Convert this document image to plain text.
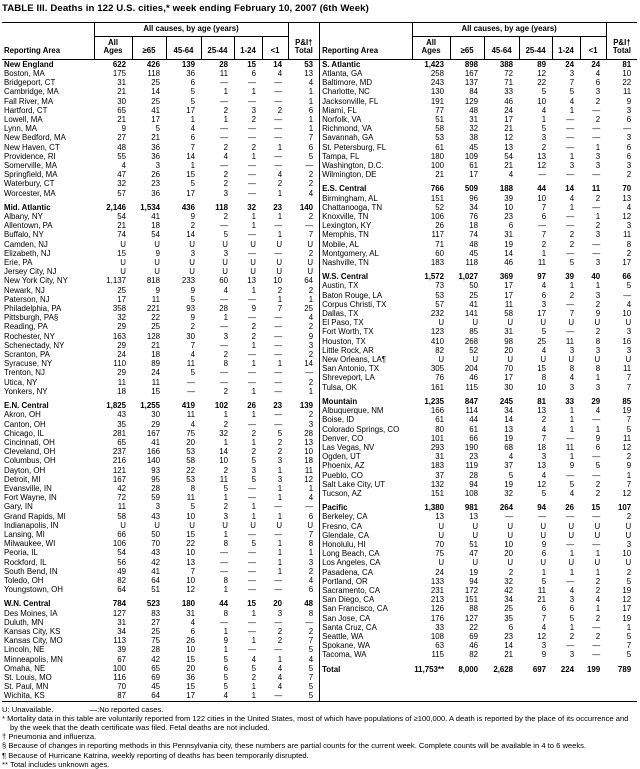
TABLE III. Deaths in 122 U.S. cities,* week ending February 10, 2007 (6th Week)
Reporting Area	All causes, by age (years)						P&I†
Total
	All
Ages	≥65	45-64	25-44	1-24	<1	
New England	622	426	139	28	15	14	53
Boston, MA	175	118	36	11	6	4	13
Bridgeport, CT	31	25	6	—	—	—	4
Cambridge, MA	21	14	5	1	1	—	1
Fall River, MA	30	25	5	—	—	—	1
Hartford, CT	65	41	17	2	3	2	6
Lowell, MA	21	17	1	1	2	—	1
Lynn, MA	9	5	4	—	—	—	1
New Bedford, MA	27	21	6	—	—	—	7
New Haven, CT	48	36	7	2	2	1	6
Providence, RI	55	36	14	4	1	—	5
Somerville, MA	4	3	1	—	—	—	—
Springfield, MA	47	26	15	2	—	4	2
Waterbury, CT	32	23	5	2	—	2	2
Worcester, MA	57	36	17	3	—	1	4

Mid. Atlantic	2,146	1,534	436	118	32	23	140
Albany, NY	54	41	9	2	1	1	2
Allentown, PA	21	18	2	—	1	—	—
Buffalo, NY	74	54	14	5	—	1	7
Camden, NJ	U	U	U	U	U	U	U
Elizabeth, NJ	15	9	3	3	—	—	2
Erie, PA	U	U	U	U	U	U	U
Jersey City, NJ	U	U	U	U	U	U	U
New York City, NY	1,137	818	233	60	13	10	64
Newark, NJ	25	9	9	4	1	2	2
Paterson, NJ	17	11	5	—	—	1	1
Philadelphia, PA	358	221	93	28	9	7	25
Pittsburgh, PA§	32	22	9	1	—	—	4
Reading, PA	29	25	2	—	2	—	2
Rochester, NY	163	128	30	3	2	—	9
Schenectady, NY	29	21	7	—	1	—	3
Scranton, PA	24	18	4	2	—	—	2
Syracuse, NY	110	89	11	8	1	1	14
Trenton, NJ	29	24	5	—	—	—	—
Utica, NY	11	11	—	—	—	—	2
Yonkers, NY	18	15	—	2	1	—	1

E.N. Central	1,825	1,255	419	102	26	23	139
Akron, OH	43	30	11	1	1	—	2
Canton, OH	35	29	4	2	—	—	3
Chicago, IL	281	167	75	32	2	5	28
Cincinnati, OH	65	41	20	1	1	2	13
Cleveland, OH	237	166	53	14	2	2	10
Columbus, OH	216	140	58	10	5	3	18
Dayton, OH	121	93	22	2	3	1	11
Detroit, MI	167	95	53	11	5	3	12
Evansville, IN	42	28	8	5	—	1	1
Fort Wayne, IN	72	59	11	1	—	1	4
Gary, IN	11	3	5	2	1	—	—
Grand Rapids, MI	58	43	10	3	1	1	6
Indianapolis, IN	U	U	U	U	U	U	U
Lansing, MI	66	50	15	1	—	—	7
Milwaukee, WI	106	70	22	8	5	1	8
Peoria, IL	54	43	10	—	—	1	1
Rockford, IL	56	42	13	—	—	1	3
South Bend, IN	49	41	7	—	—	1	2
Toledo, OH	82	64	10	8	—	—	4
Youngstown, OH	64	51	12	1	—	—	6

W.N. Central	784	523	180	44	15	20	48
Des Moines, IA	127	83	31	8	1	3	8
Duluth, MN	31	27	4	—	—	—	—
Kansas City, KS	34	25	6	1	—	2	2
Kansas City, MO	113	75	26	9	1	2	7
Lincoln, NE	39	28	10	1	—	—	5
Minneapolis, MN	67	42	15	5	4	1	4
Omaha, NE	100	65	20	6	5	4	5
St. Louis, MO	116	69	36	5	2	4	7
St. Paul, MN	70	45	15	5	1	4	5
Wichita, KS	87	64	17	4	1	—	5
Reporting Area	All causes, by age (years)						P&I†
Total
	All
Ages	≥65	45-64	25-44	1-24	<1	
S. Atlantic	1,423	898	388	89	24	24	81
Atlanta, GA	258	167	72	12	3	4	10
Baltimore, MD	243	137	71	22	7	6	22
Charlotte, NC	130	84	33	5	5	3	11
Jacksonville, FL	191	129	46	10	4	2	9
Miami, FL	77	48	24	4	1	—	3
Norfolk, VA	51	31	17	1	—	2	6
Richmond, VA	58	32	21	5	—	—	—
Savannah, GA	53	38	12	3	—	—	3
St. Petersburg, FL	61	45	13	2	—	1	6
Tampa, FL	180	109	54	13	1	3	6
Washington, D.C.	100	61	21	12	3	3	3
Wilmington, DE	21	17	4	—	—	—	2

E.S. Central	766	509	188	44	14	11	70
Birmingham, AL	151	96	39	10	4	2	13
Chattanooga, TN	52	34	10	7	1	—	4
Knoxville, TN	106	76	23	6	—	1	12
Lexington, KY	26	18	6	—	—	2	3
Memphis, TN	117	74	31	7	2	3	11
Mobile, AL	71	48	19	2	2	—	8
Montgomery, AL	60	45	14	1	—	—	2
Nashville, TN	183	118	46	11	5	3	17

W.S. Central	1,572	1,027	369	97	39	40	66
Austin, TX	73	50	17	4	1	1	5
Baton Rouge, LA	53	25	17	6	2	3	—
Corpus Christi, TX	57	41	11	3	—	2	4
Dallas, TX	232	141	58	17	7	9	10
El Paso, TX	U	U	U	U	U	U	U
Fort Worth, TX	123	85	31	5	—	2	3
Houston, TX	410	268	98	25	11	8	16
Little Rock, AR	82	52	20	4	3	3	3
New Orleans, LA¶	U	U	U	U	U	U	U
San Antonio, TX	305	204	70	15	8	8	11
Shreveport, LA	76	46	17	8	4	1	7
Tulsa, OK	161	115	30	10	3	3	7

Mountain	1,235	847	245	81	33	29	85
Albuquerque, NM	166	114	34	13	1	4	19
Boise, ID	61	44	14	2	1	—	7
Colorado Springs, CO	80	61	13	4	1	1	5
Denver, CO	101	66	19	7	—	9	11
Las Vegas, NV	293	190	68	18	11	6	12
Ogden, UT	31	23	4	3	1	—	2
Phoenix, AZ	183	119	37	13	9	5	9
Pueblo, CO	37	28	5	4	—	—	1
Salt Lake City, UT	132	94	19	12	5	2	7
Tucson, AZ	151	108	32	5	4	2	12

Pacific	1,380	981	264	94	26	15	107
Berkeley, CA	13	13	—	—	—	—	2
Fresno, CA	U	U	U	U	U	U	U
Glendale, CA	U	U	U	U	U	U	U
Honolulu, HI	70	51	10	9	—	—	3
Long Beach, CA	75	47	20	6	1	1	10
Los Angeles, CA	U	U	U	U	U	U	U
Pasadena, CA	24	19	2	1	1	1	2
Portland, OR	133	94	32	5	—	2	5
Sacramento, CA	231	172	42	11	4	2	19
San Diego, CA	213	151	34	21	3	4	12
San Francisco, CA	126	88	25	6	6	1	17
San Jose, CA	176	127	35	7	5	2	19
Santa Cruz, CA	33	22	6	4	1	—	1
Seattle, WA	108	69	23	12	2	2	5
Spokane, WA	63	46	14	3	—	—	7
Tacoma, WA	115	82	21	9	3	—	5

Total	11,753**	8,000	2,628	697	224	199	789
U: Unavailable.	—:No reported cases.
* Mortality data in this table are voluntarily reported from 122 cities in the United States, most of which have populations of ≥100,000. A death is reported by the place of its occurrence and by the week that the death certificate was filed. Fetal deaths are not included.
† Pneumonia and influenza.
§ Because of changes in reporting methods in this Pennsylvania city, these numbers are partial counts for the current week. Complete counts will be available in 4 to 6 weeks.
¶ Because of Hurricane Katrina, weekly reporting of deaths has been temporarily disrupted.
** Total includes unknown ages.
